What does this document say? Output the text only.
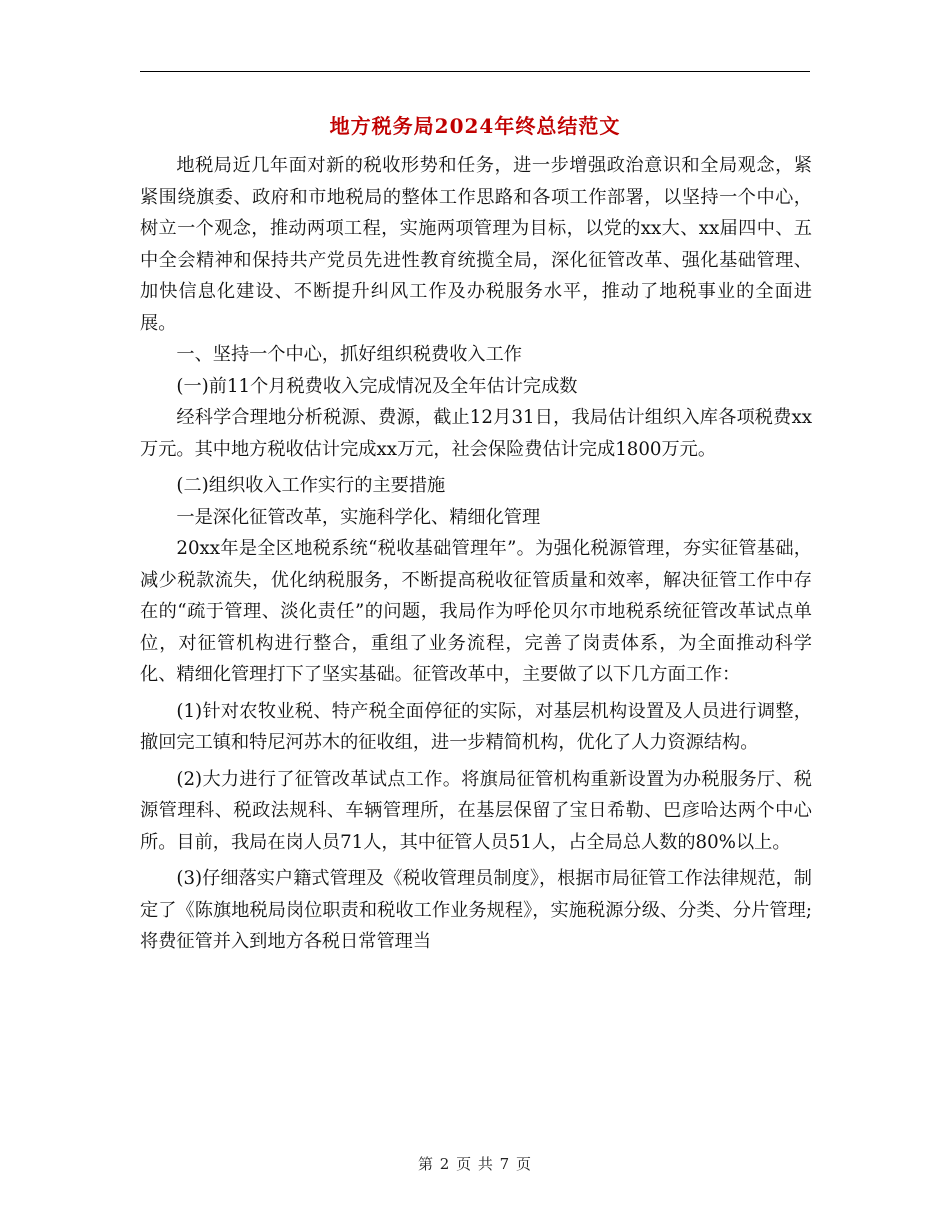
地方税务局2024年终总结范文

地税局近几年面对新的税收形势和任务，进一步增强政治意识和全局观念，紧紧围绕旗委、政府和市地税局的整体工作思路和各项工作部署，以坚持一个中心，树立一个观念，推动两项工程，实施两项管理为目标，以党的xx大、xx届四中、五中全会精神和保持共产党员先进性教育统揽全局，深化征管改革、强化基础管理、加快信息化建设、不断提升纠风工作及办税服务水平，推动了地税事业的全面进展。

一、坚持一个中心，抓好组织税费收入工作

(一)前11个月税费收入完成情况及全年估计完成数

经科学合理地分析税源、费源，截止12月31日，我局估计组织入库各项税费xx万元。其中地方税收估计完成xx万元，社会保险费估计完成1800万元。

(二)组织收入工作实行的主要措施

一是深化征管改革，实施科学化、精细化管理

20xx年是全区地税系统“税收基础管理年”。为强化税源管理，夯实征管基础，减少税款流失，优化纳税服务，不断提高税收征管质量和效率，解决征管工作中存在的“疏于管理、淡化责任”的问题，我局作为呼伦贝尔市地税系统征管改革试点单位，对征管机构进行整合，重组了业务流程，完善了岗责体系，为全面推动科学化、精细化管理打下了坚实基础。征管改革中，主要做了以下几方面工作：

(1)针对农牧业税、特产税全面停征的实际，对基层机构设置及人员进行调整，撤回完工镇和特尼河苏木的征收组，进一步精简机构，优化了人力资源结构。

(2)大力进行了征管改革试点工作。将旗局征管机构重新设置为办税服务厅、税源管理科、税政法规科、车辆管理所，在基层保留了宝日希勒、巴彦哈达两个中心所。目前，我局在岗人员71人，其中征管人员51人，占全局总人数的80%以上。

(3)仔细落实户籍式管理及《税收管理员制度》，根据市局征管工作法律规范，制定了《陈旗地税局岗位职责和税收工作业务规程》，实施税源分级、分类、分片管理;将费征管并入到地方各税日常管理当

第 2 页 共 7 页
